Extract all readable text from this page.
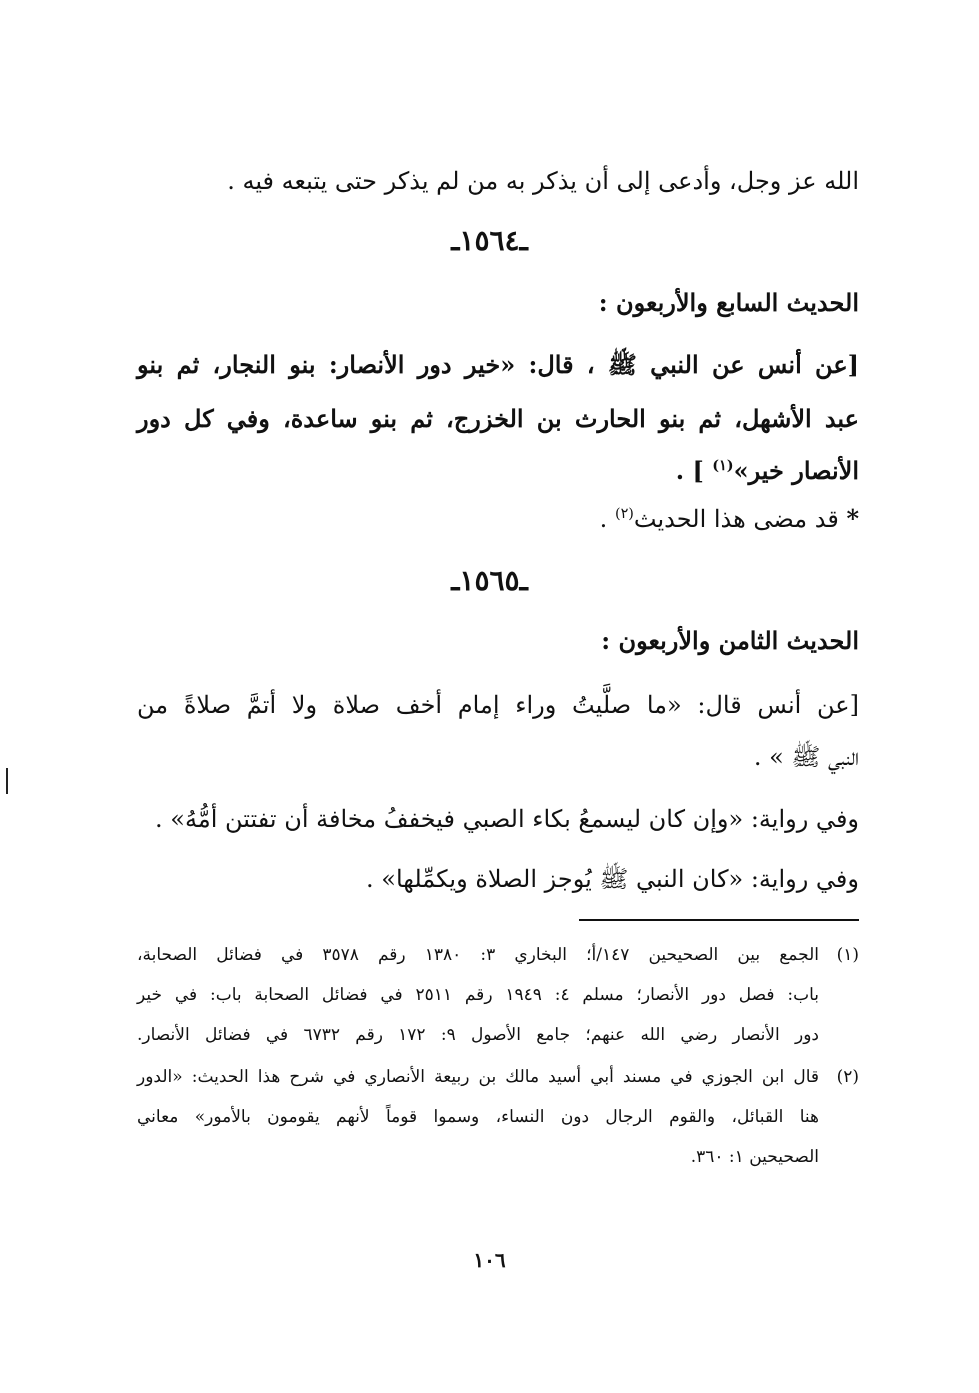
الله عز وجل، وأدعى إلى أن يذكر به من لم يذكر حتى يتبعه فيه .
ـ١٥٦٤ـ
الحديث السابع والأربعون :
[عن أنس عن النبي ﷺ ، قال: «خير دور الأنصار: بنو النجار، ثم بنو
عبد الأشهل، ثم بنو الحارث بن الخزرج، ثم بنو ساعدة، وفي كل دور
الأنصار خير»$^{(١)}$ ] .
* قد مضى هذا الحديث$^{(٢)}$ .
ـ١٥٦٥ـ
الحديث الثامن والأربعون :
[عن أنس قال: «ما صلَّيتُ وراء إمام أخف صلاة ولا أتمَّ صلاةً من
النبي ﷺ » .
وفي رواية: «وإن كان ليسمعُ بكاء الصبي فيخففُ مخافة أن تفتتن أمُّهُ» .
وفي رواية: «كان النبي ﷺ يُوجز الصلاة ويكمِّلها» .
(١)
الجمع بين الصحيحين ١٤٧/أ؛ البخاري ٣: ١٣٨٠ رقم ٣٥٧٨ في فضائل الصحابة،
باب: فصل دور الأنصار؛ مسلم ٤: ١٩٤٩ رقم ٢٥١١ في فضائل الصحابة باب: في خير
دور الأنصار رضي الله عنهم؛ جامع الأصول ٩: ١٧٢ رقم ٦٧٣٢ في فضائل الأنصار.
(٢)
قال ابن الجوزي في مسند أبي أسيد مالك بن ربيعة الأنصاري في شرح هذا الحديث: «الدور
هنا القبائل، والقوم الرجال دون النساء، وسموا قوماً لأنهم يقومون بالأمور» معاني
الصحيحين ١: ٣٦٠.
١٠٦
